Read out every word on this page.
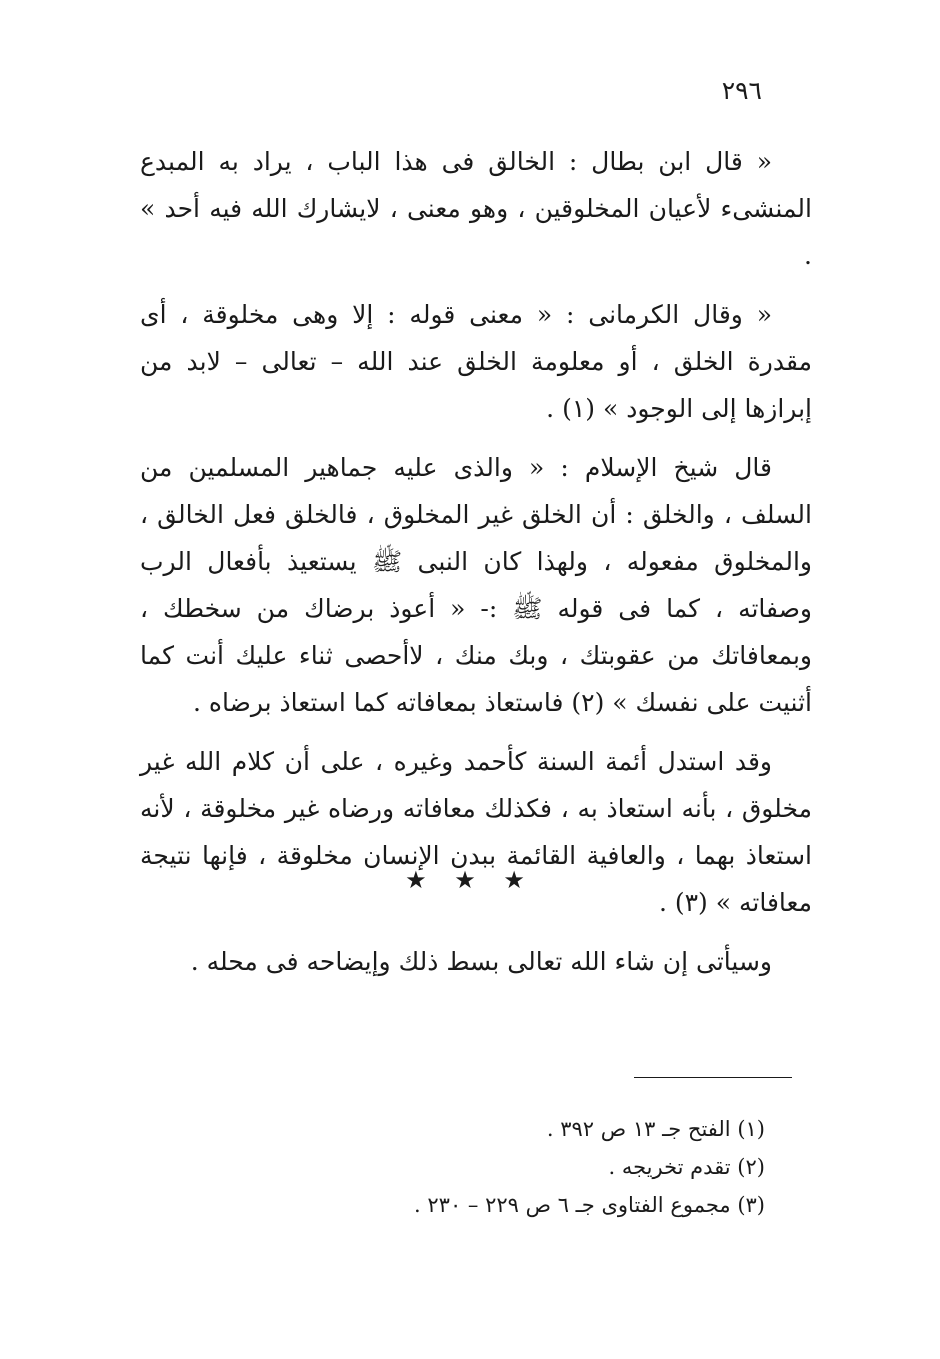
٢٩٦

« قال ابن بطال : الخالق فى هذا الباب ، يراد به المبدع المنشىء لأعيان المخلوقين ، وهو معنى ، لايشارك الله فيه أحد » .

« وقال الكرمانى : « معنى قوله : إلا وهى مخلوقة ، أى مقدرة الخلق ، أو معلومة الخلق عند الله – تعالى – لابد من إبرازها إلى الوجود » (١) .

قال شيخ الإسلام : « والذى عليه جماهير المسلمين من السلف ، والخلق : أن الخلق غير المخلوق ، فالخلق فعل الخالق ، والمخلوق مفعوله ، ولهذا كان النبى ﷺ يستعيذ بأفعال الرب وصفاته ، كما فى قوله ﷺ :- « أعوذ برضاك من سخطك ، وبمعافاتك من عقوبتك ، وبك منك ، لاأحصى ثناء عليك أنت كما أثنيت على نفسك » (٢) فاستعاذ بمعافاته كما استعاذ برضاه .

وقد استدل أئمة السنة كأحمد وغيره ، على أن كلام الله غير مخلوق ، بأنه استعاذ به ، فكذلك معافاته ورضاه غير مخلوقة ، لأنه استعاذ بهما ، والعافية القائمة ببدن الإنسان مخلوقة ، فإنها نتيجة معافاته » (٣) .

وسيأتى إن شاء الله تعالى بسط ذلك وإيضاحه فى محله .

★ ★ ★
(١) الفتح جـ ١٣ ص ٣٩٢ .
(٢) تقدم تخريجه .
(٣) مجموع الفتاوى جـ ٦ ص ٢٢٩ – ٢٣٠ .
